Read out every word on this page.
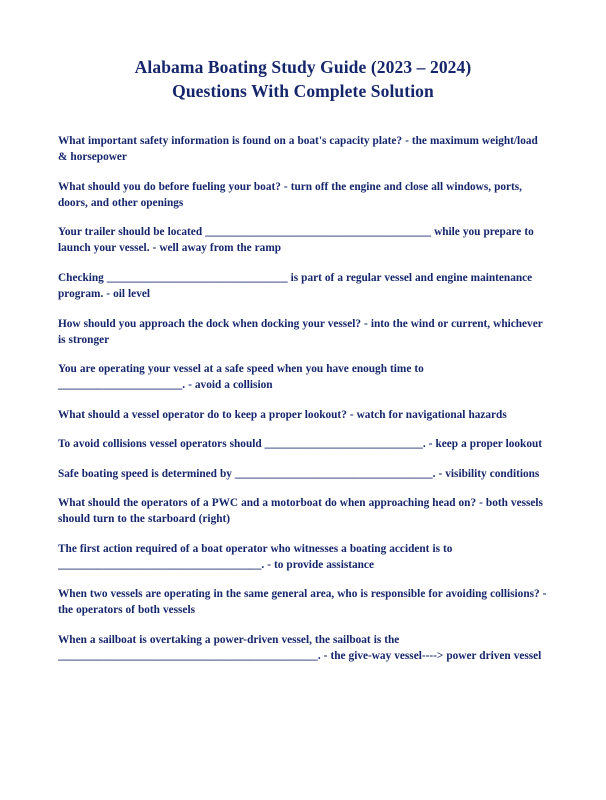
Alabama Boating Study Guide (2023 – 2024)
Questions With Complete Solution

What important safety information is found on a boat's capacity plate? - the maximum weight/load & horsepower

What should you do before fueling your boat? - turn off the engine and close all windows, ports, doors, and other openings

Your trailer should be located ________________________________________ while you prepare to launch your vessel. - well away from the ramp

Checking ________________________________ is part of a regular vessel and engine maintenance program. - oil level

How should you approach the dock when docking your vessel? - into the wind or current, whichever is stronger

You are operating your vessel at a safe speed when you have enough time to ______________________. - avoid a collision

What should a vessel operator do to keep a proper lookout? - watch for navigational hazards

To avoid collisions vessel operators should ____________________________. - keep a proper lookout

Safe boating speed is determined by ___________________________________. - visibility conditions

What should the operators of a PWC and a motorboat do when approaching head on? - both vessels should turn to the starboard (right)

The first action required of a boat operator who witnesses a boating accident is to ____________________________________. - to provide assistance

When two vessels are operating in the same general area, who is responsible for avoiding collisions? - the operators of both vessels

When a sailboat is overtaking a power-driven vessel, the sailboat is the ______________________________________________. - the give-way vessel----> power driven vessel
